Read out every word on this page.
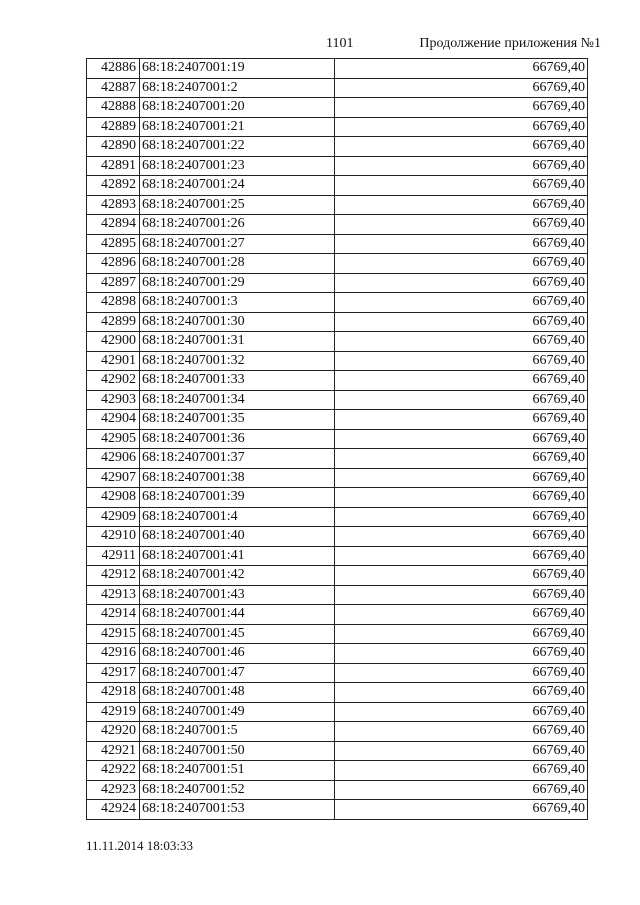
1101	Продолжение приложения №1
42886	68:18:2407001:19	66769,40
42887	68:18:2407001:2	66769,40
42888	68:18:2407001:20	66769,40
42889	68:18:2407001:21	66769,40
42890	68:18:2407001:22	66769,40
42891	68:18:2407001:23	66769,40
42892	68:18:2407001:24	66769,40
42893	68:18:2407001:25	66769,40
42894	68:18:2407001:26	66769,40
42895	68:18:2407001:27	66769,40
42896	68:18:2407001:28	66769,40
42897	68:18:2407001:29	66769,40
42898	68:18:2407001:3	66769,40
42899	68:18:2407001:30	66769,40
42900	68:18:2407001:31	66769,40
42901	68:18:2407001:32	66769,40
42902	68:18:2407001:33	66769,40
42903	68:18:2407001:34	66769,40
42904	68:18:2407001:35	66769,40
42905	68:18:2407001:36	66769,40
42906	68:18:2407001:37	66769,40
42907	68:18:2407001:38	66769,40
42908	68:18:2407001:39	66769,40
42909	68:18:2407001:4	66769,40
42910	68:18:2407001:40	66769,40
42911	68:18:2407001:41	66769,40
42912	68:18:2407001:42	66769,40
42913	68:18:2407001:43	66769,40
42914	68:18:2407001:44	66769,40
42915	68:18:2407001:45	66769,40
42916	68:18:2407001:46	66769,40
42917	68:18:2407001:47	66769,40
42918	68:18:2407001:48	66769,40
42919	68:18:2407001:49	66769,40
42920	68:18:2407001:5	66769,40
42921	68:18:2407001:50	66769,40
42922	68:18:2407001:51	66769,40
42923	68:18:2407001:52	66769,40
42924	68:18:2407001:53	66769,40
11.11.2014 18:03:33
